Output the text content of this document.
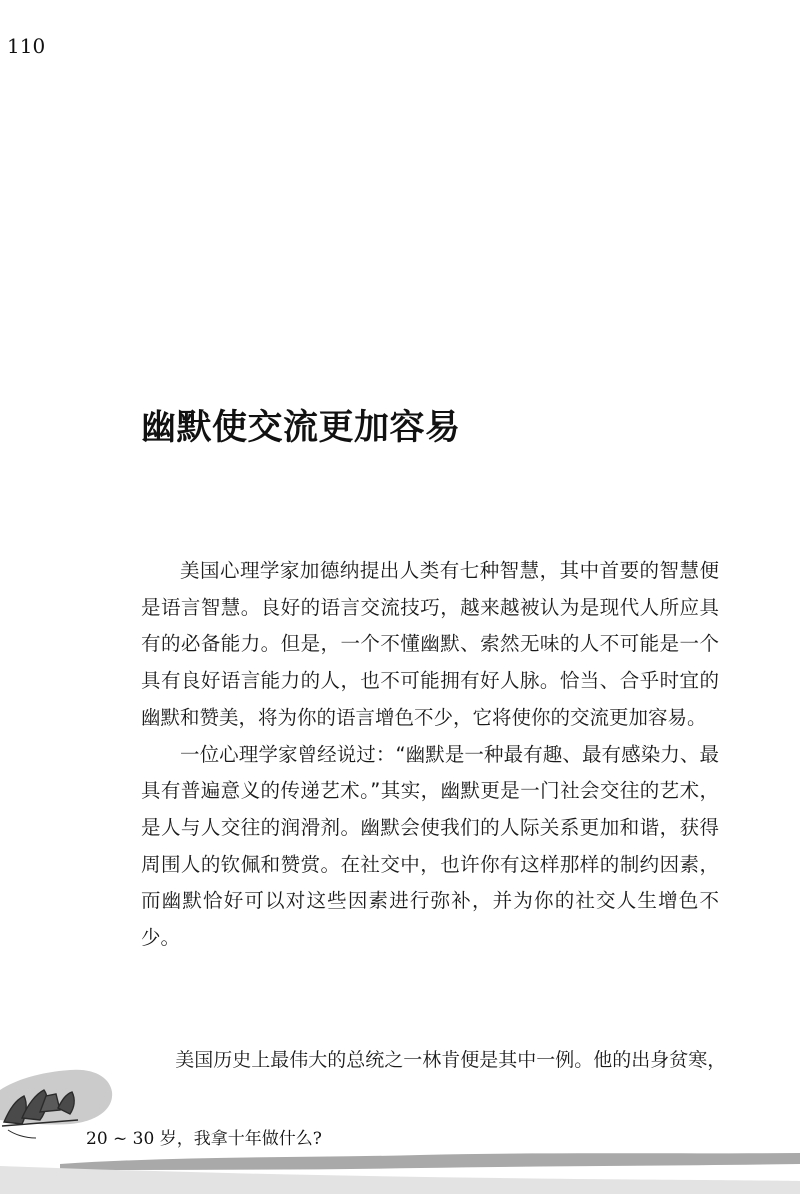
110
幽默使交流更加容易

美国心理学家加德纳提出人类有七种智慧，其中首要的智慧便是语言智慧。良好的语言交流技巧，越来越被认为是现代人所应具有的必备能力。但是，一个不懂幽默、索然无味的人不可能是一个具有良好语言能力的人，也不可能拥有好人脉。恰当、合乎时宜的幽默和赞美，将为你的语言增色不少，它将使你的交流更加容易。

一位心理学家曾经说过：“幽默是一种最有趣、最有感染力、最具有普遍意义的传递艺术。”其实，幽默更是一门社会交往的艺术，是人与人交往的润滑剂。幽默会使我们的人际关系更加和谐，获得周围人的钦佩和赞赏。在社交中，也许你有这样那样的制约因素，而幽默恰好可以对这些因素进行弥补，并为你的社交人生增色不少。

美国历史上最伟大的总统之一林肯便是其中一例。他的出身贫寒，

20 ~ 30 岁，我拿十年做什么?
